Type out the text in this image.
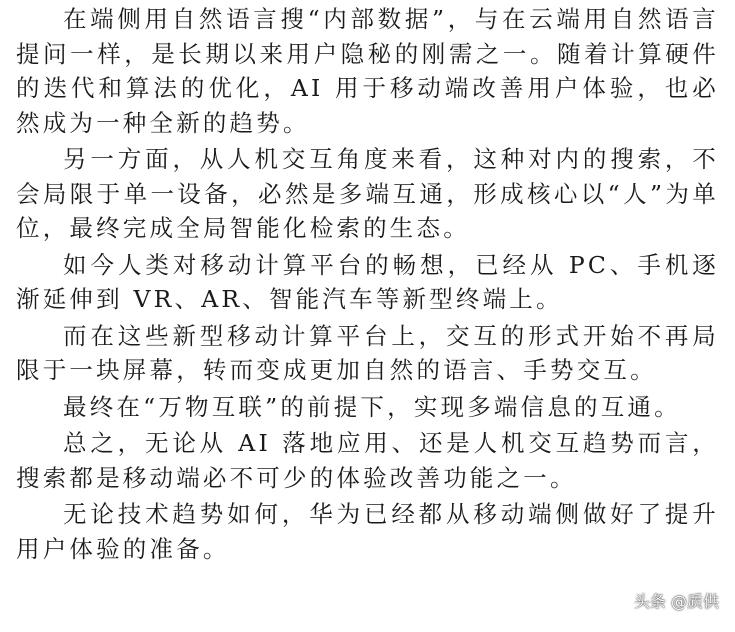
在端侧用自然语言搜“内部数据”，与在云端用自然语言提问一样，是长期以来用户隐秘的刚需之一。随着计算硬件的迭代和算法的优化，AI 用于移动端改善用户体验，也必然成为一种全新的趋势。

另一方面，从人机交互角度来看，这种对内的搜索，不会局限于单一设备，必然是多端互通，形成核心以“人”为单位，最终完成全局智能化检索的生态。

如今人类对移动计算平台的畅想，已经从 PC、手机逐渐延伸到 VR、AR、智能汽车等新型终端上。

而在这些新型移动计算平台上，交互的形式开始不再局限于一块屏幕，转而变成更加自然的语言、手势交互。

最终在“万物互联”的前提下，实现多端信息的互通。

总之，无论从 AI 落地应用、还是人机交互趋势而言，搜索都是移动端必不可少的体验改善功能之一。

无论技术趋势如何，华为已经都从移动端侧做好了提升用户体验的准备。

头条 @质供
